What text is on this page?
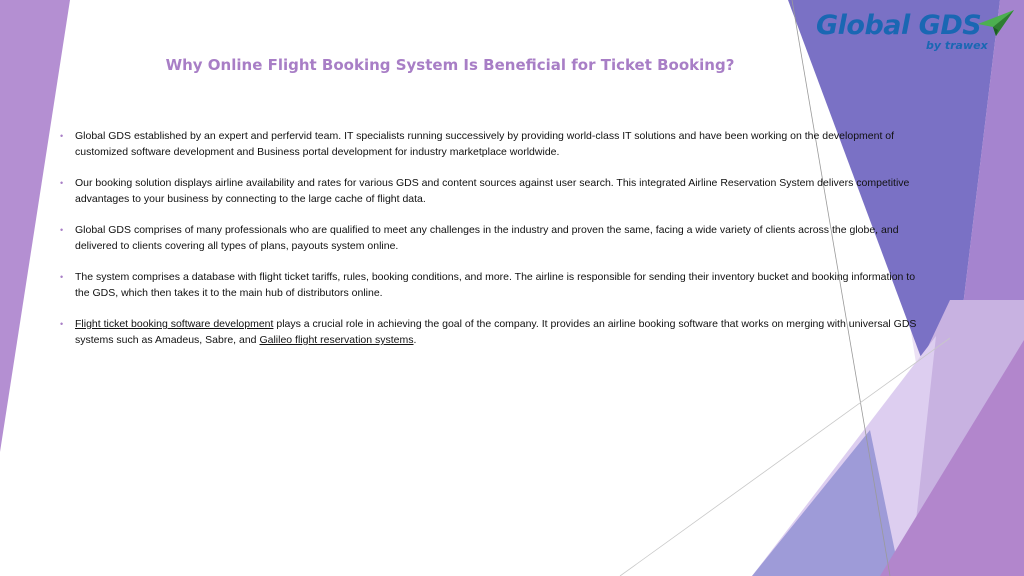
Global GDS
by trawex
Why Online Flight Booking System Is Beneficial for Ticket Booking?
• Global GDS established by an expert and perfervid team. IT specialists running successively by providing world-class IT solutions and have been working on the development of customized software development and Business portal development for industry marketplace worldwide.
• Our booking solution displays airline availability and rates for various GDS and content sources against user search. This integrated Airline Reservation System delivers competitive advantages to your business by connecting to the large cache of flight data.
• Global GDS comprises of many professionals who are qualified to meet any challenges in the industry and proven the same, facing a wide variety of clients across the globe, and delivered to clients covering all types of plans, payouts system online.
• The system comprises a database with flight ticket tariffs, rules, booking conditions, and more. The airline is responsible for sending their inventory bucket and booking information to the GDS, which then takes it to the main hub of distributors online.
• Flight ticket booking software development plays a crucial role in achieving the goal of the company. It provides an airline booking software that works on merging with universal GDS systems such as Amadeus, Sabre, and Galileo flight reservation systems.
